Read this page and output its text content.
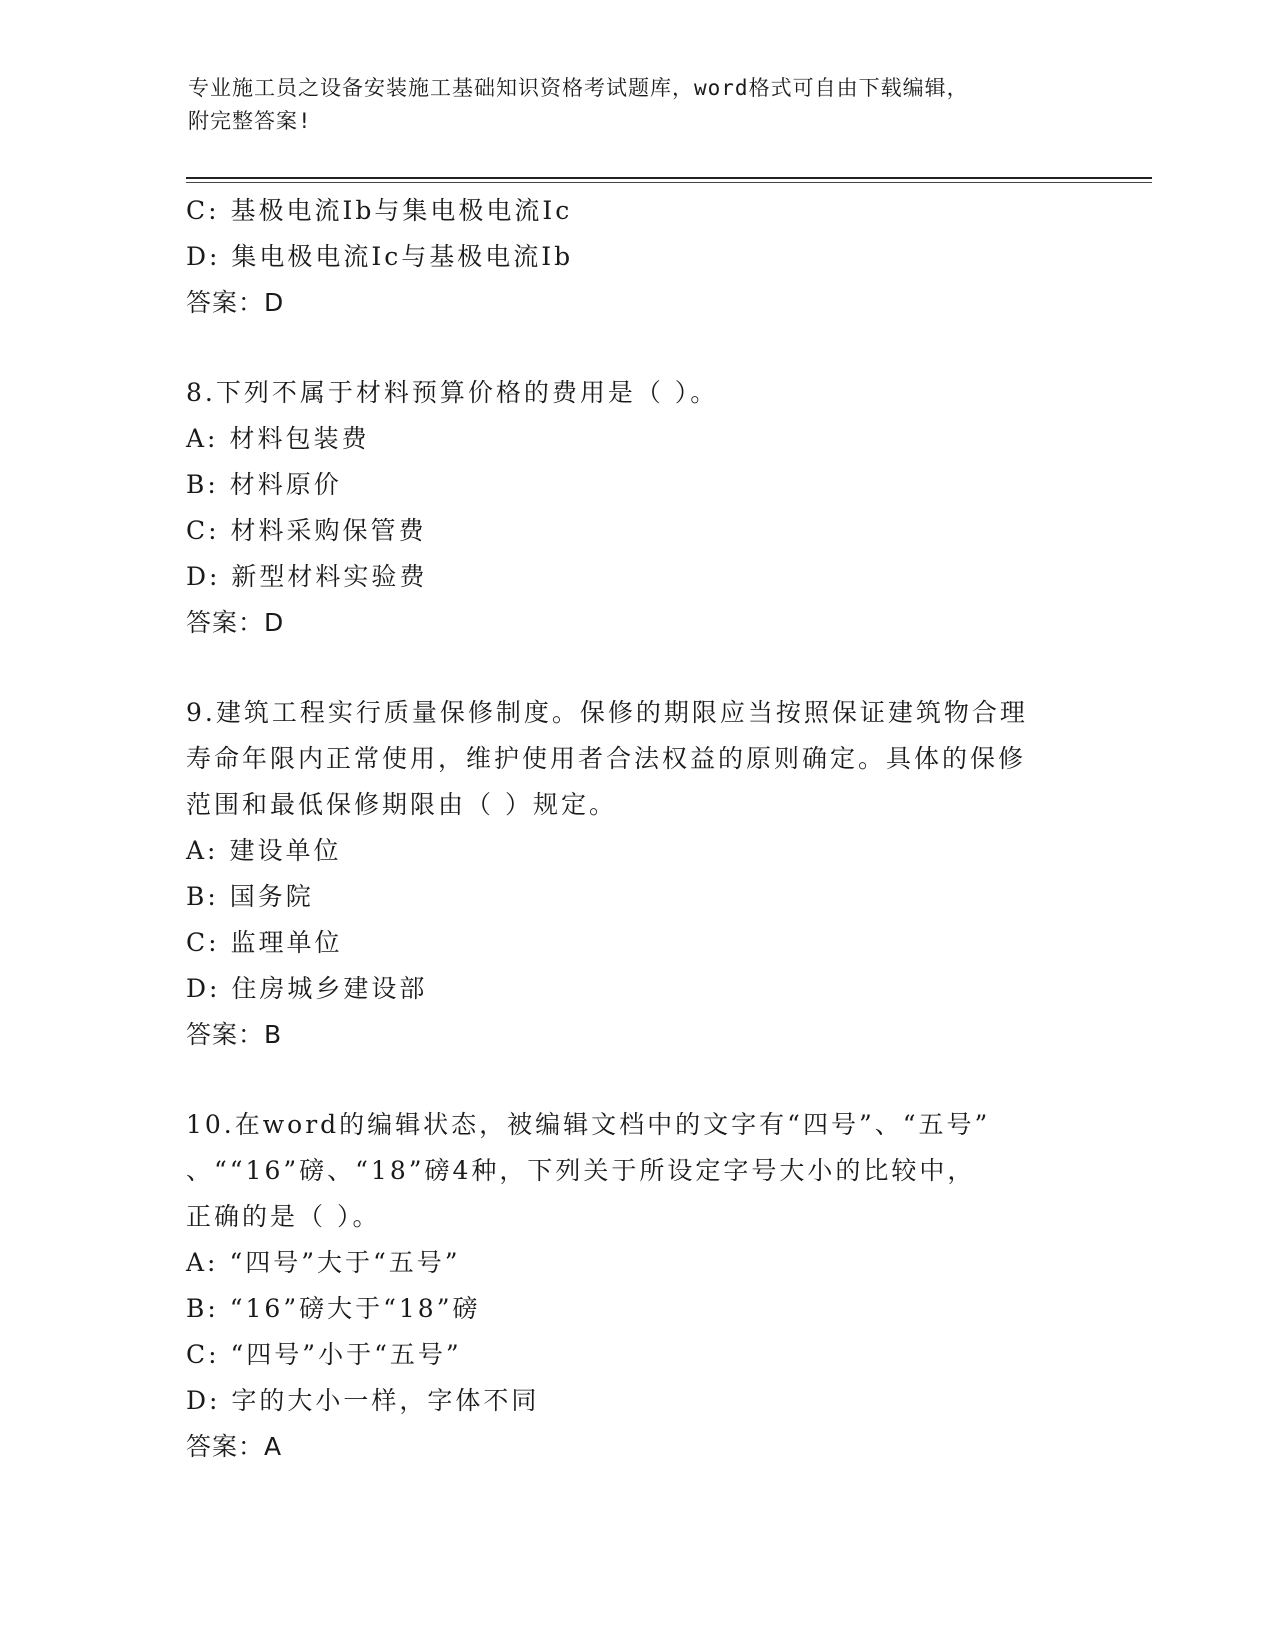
专业施工员之设备安装施工基础知识资格考试题库，word格式可自由下载编辑，
附完整答案!
C: 基极电流Ib与集电极电流Ic
D: 集电极电流Ic与基极电流Ib
答案：D
8.下列不属于材料预算价格的费用是（ ）。
A: 材料包装费
B: 材料原价
C: 材料采购保管费
D: 新型材料实验费
答案：D
9.建筑工程实行质量保修制度。保修的期限应当按照保证建筑物合理
寿命年限内正常使用，维护使用者合法权益的原则确定。具体的保修
范围和最低保修期限由（ ）规定。
A: 建设单位
B: 国务院
C: 监理单位
D: 住房城乡建设部
答案：B
10.在word的编辑状态，被编辑文档中的文字有“四号”、“五号”
、““16”磅、“18”磅4种，下列关于所设定字号大小的比较中，
正确的是（ ）。
A: “四号”大于“五号”
B: “16”磅大于“18”磅
C: “四号”小于“五号”
D: 字的大小一样，字体不同
答案：A
